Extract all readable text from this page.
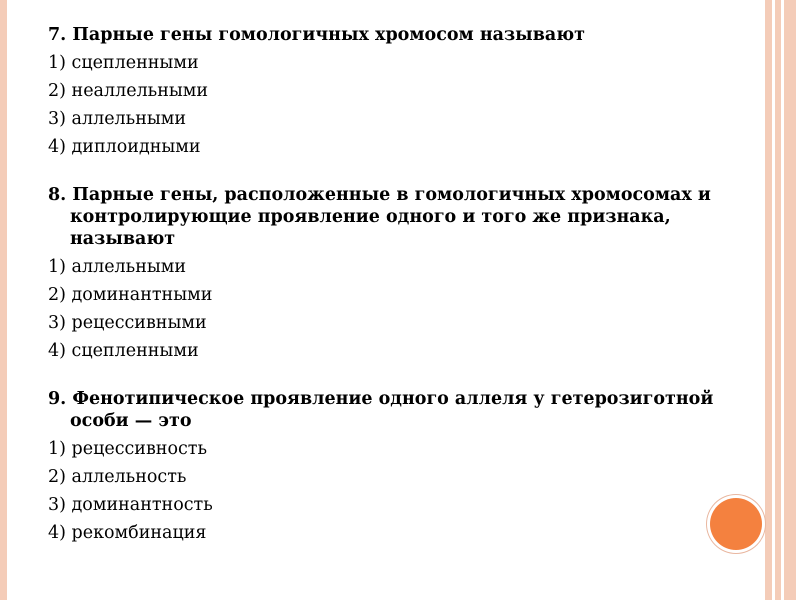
7. Парные гены гомологичных хромосом называют
1) сцепленными
2) неаллельными
3) аллельными
4) диплоидными
8. Парные гены, расположенные в гомологичных хромосомах и контролирующие проявление одного и того же признака, называют
1) аллельными
2) доминантными
3) рецессивными
4) сцепленными
9. Фенотипическое проявление одного аллеля у гетерозиготной особи — это
1) рецессивность
2) аллельность
3) доминантность
4) рекомбинация
